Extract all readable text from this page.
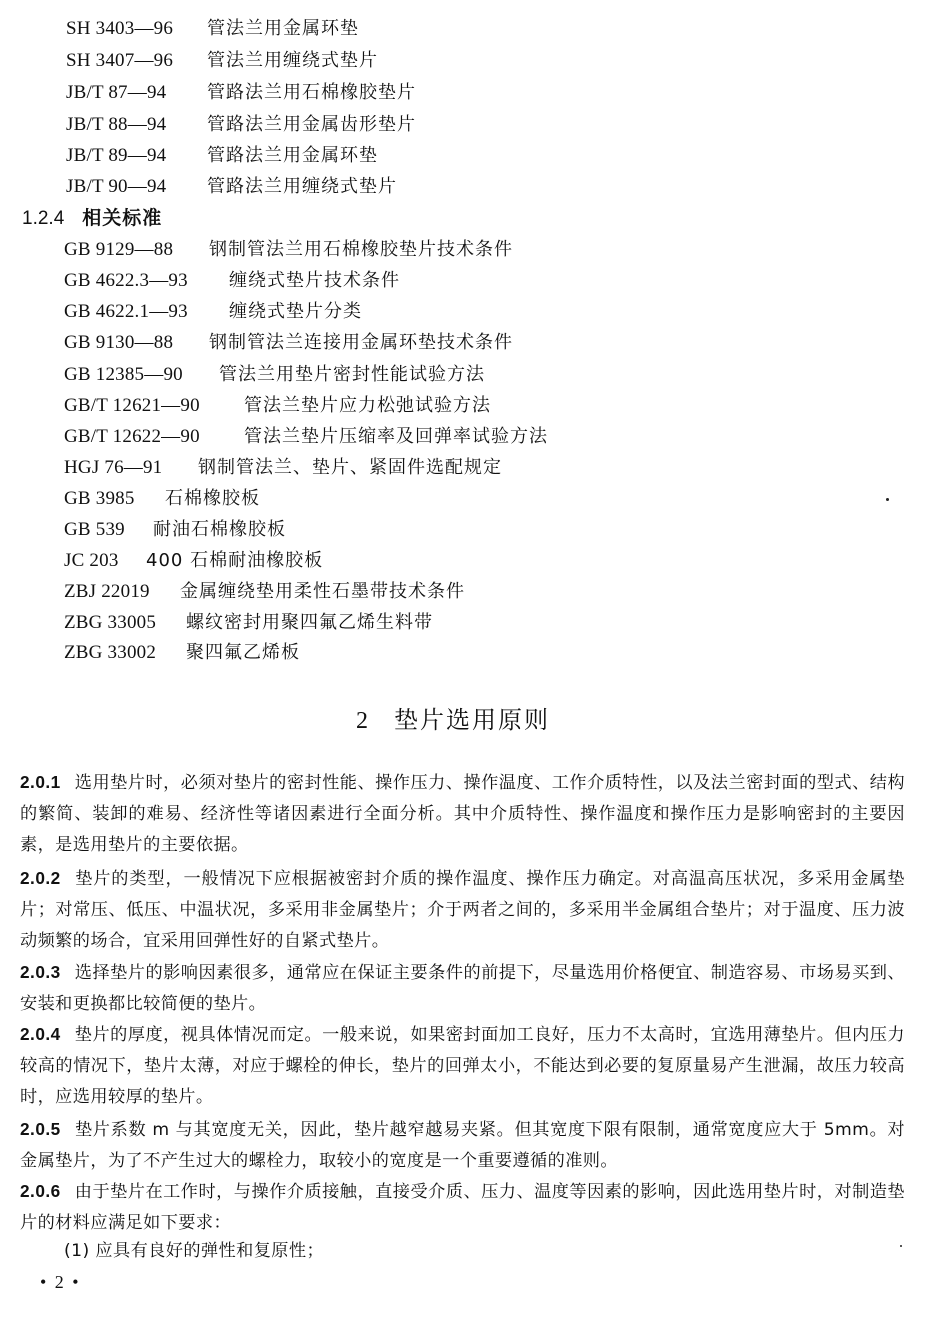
SH 3403—96 管法兰用金属环垫
SH 3407—96 管法兰用缠绕式垫片
JB/T 87—94 管路法兰用石棉橡胶垫片
JB/T 88—94 管路法兰用金属齿形垫片
JB/T 89—94 管路法兰用金属环垫
JB/T 90—94 管路法兰用缠绕式垫片
1.2.4 相关标准
GB 9129—88 钢制管法兰用石棉橡胶垫片技术条件
GB 4622.3—93 缠绕式垫片技术条件
GB 4622.1—93 缠绕式垫片分类
GB 9130—88 钢制管法兰连接用金属环垫技术条件
GB 12385—90 管法兰用垫片密封性能试验方法
GB/T 12621—90 管法兰垫片应力松弛试验方法
GB/T 12622—90 管法兰垫片压缩率及回弹率试验方法
HGJ 76—91 钢制管法兰、垫片、紧固件选配规定
GB 3985 石棉橡胶板
GB 539 耐油石棉橡胶板
JC 203 400 石棉耐油橡胶板
ZBJ 22019 金属缠绕垫用柔性石墨带技术条件
ZBG 33005 螺纹密封用聚四氟乙烯生料带
ZBG 33002 聚四氟乙烯板
2 垫片选用原则
2.0.1 选用垫片时，必须对垫片的密封性能、操作压力、操作温度、工作介质特性，以及法兰密封面的型式、结构的繁简、装卸的难易、经济性等诸因素进行全面分析。其中介质特性、操作温度和操作压力是影响密封的主要因素，是选用垫片的主要依据。
2.0.2 垫片的类型，一般情况下应根据被密封介质的操作温度、操作压力确定。对高温高压状况，多采用金属垫片；对常压、低压、中温状况，多采用非金属垫片；介于两者之间的，多采用半金属组合垫片；对于温度、压力波动频繁的场合，宜采用回弹性好的自紧式垫片。
2.0.3 选择垫片的影响因素很多，通常应在保证主要条件的前提下，尽量选用价格便宜、制造容易、市场易买到、安装和更换都比较简便的垫片。
2.0.4 垫片的厚度，视具体情况而定。一般来说，如果密封面加工良好，压力不太高时，宜选用薄垫片。但内压力较高的情况下，垫片太薄，对应于螺栓的伸长，垫片的回弹太小，不能达到必要的复原量易产生泄漏，故压力较高时，应选用较厚的垫片。
2.0.5 垫片系数 m 与其宽度无关，因此，垫片越窄越易夹紧。但其宽度下限有限制，通常宽度应大于 5mm。对金属垫片，为了不产生过大的螺栓力，取较小的宽度是一个重要遵循的准则。
2.0.6 由于垫片在工作时，与操作介质接触，直接受介质、压力、温度等因素的影响，因此选用垫片时，对制造垫片的材料应满足如下要求：
(1) 应具有良好的弹性和复原性；
• 2 •
